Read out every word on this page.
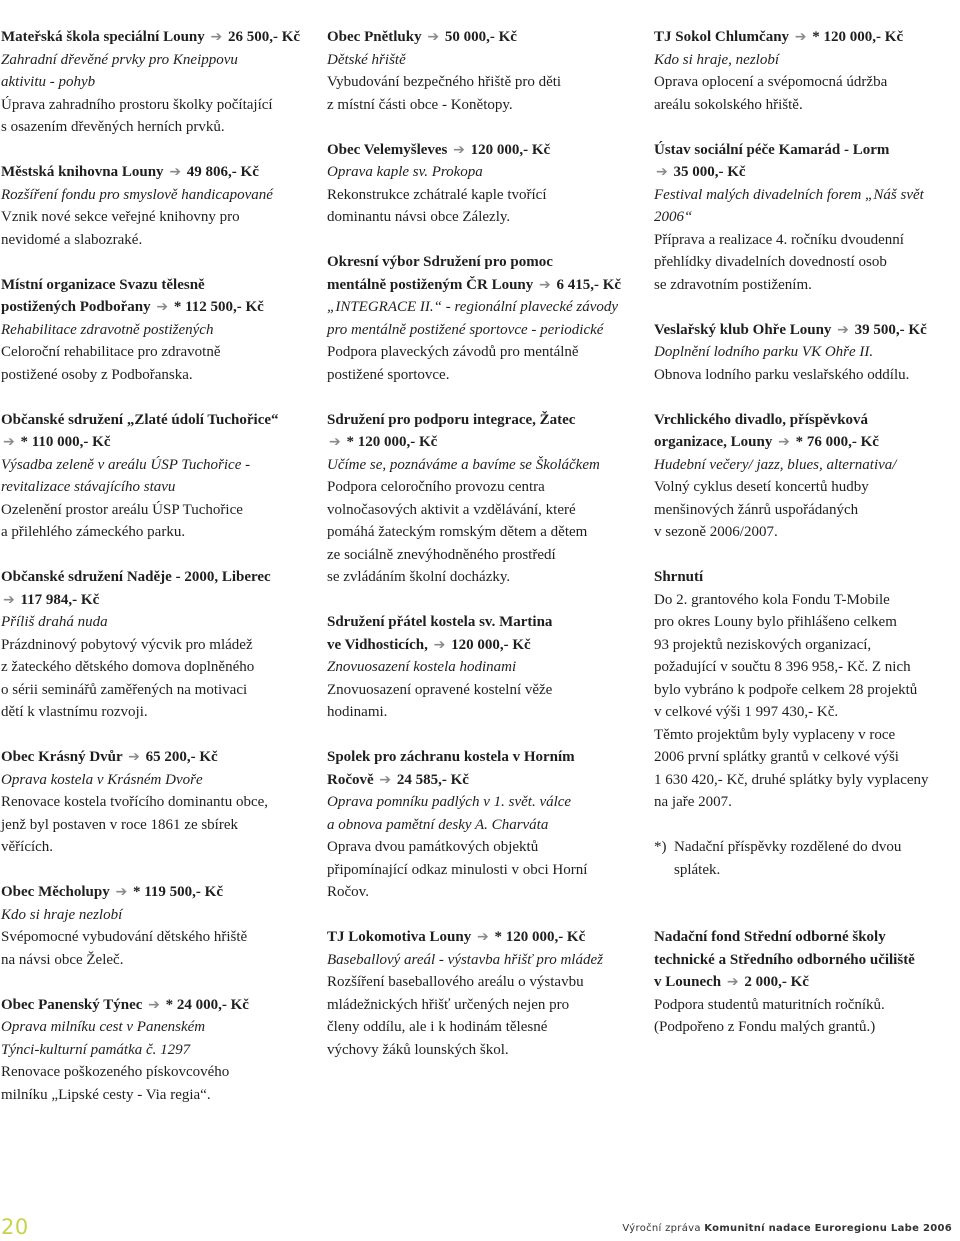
Mateřská škola speciální Louny ➔ 26 500,- Kč

Zahradní dřevěné prvky pro Kneippovu

aktivitu - pohyb

Úprava zahradního prostoru školky počítající

s osazením dřevěných herních prvků.

Městská knihovna Louny ➔ 49 806,- Kč

Rozšíření fondu pro smyslově handicapované

Vznik nové sekce veřejné knihovny pro

nevidomé a slabozraké.

Místní organizace Svazu tělesně
postižených Podbořany ➔ * 112 500,- Kč

Rehabilitace zdravotně postižených

Celoroční rehabilitace pro zdravotně

postižené osoby z Podbořanska.

Občanské sdružení „Zlaté údolí Tuchořice“
➔ * 110 000,- Kč

Výsadba zeleně v areálu ÚSP Tuchořice -

revitalizace stávajícího stavu

Ozelenění prostor areálu ÚSP Tuchořice

a přilehlého zámeckého parku.

Občanské sdružení Naděje - 2000, Liberec
➔ 117 984,- Kč

Příliš drahá nuda

Prázdninový pobytový výcvik pro mládež

z žateckého dětského domova doplněného

o sérii seminářů zaměřených na motivaci

dětí k vlastnímu rozvoji.

Obec Krásný Dvůr ➔ 65 200,- Kč

Oprava kostela v Krásném Dvoře

Renovace kostela tvořícího dominantu obce,

jenž byl postaven v roce 1861 ze sbírek

věřících.

Obec Měcholupy ➔ * 119 500,- Kč

Kdo si hraje nezlobí

Svépomocné vybudování dětského hřiště

na návsi obce Želeč.

Obec Panenský Týnec ➔ * 24 000,- Kč

Oprava milníku cest v Panenském

Týnci-kulturní památka č. 1297

Renovace poškozeného pískovcového

milníku „Lipské cesty - Via regia“.

Obec Pnětluky ➔ 50 000,- Kč

Dětské hřiště

Vybudování bezpečného hřiště pro děti

z místní části obce - Konětopy.

Obec Velemyšleves ➔ 120 000,- Kč

Oprava kaple sv. Prokopa

Rekonstrukce zchátralé kaple tvořící

dominantu návsi obce Zálezly.

Okresní výbor Sdružení pro pomoc
mentálně postiženým ČR Louny ➔ 6 415,- Kč

„INTEGRACE II.“ - regionální plavecké závody

pro mentálně postižené sportovce - periodické

Podpora plaveckých závodů pro mentálně

postižené sportovce.

Sdružení pro podporu integrace, Žatec
➔ * 120 000,- Kč

Učíme se, poznáváme a bavíme se Školáčkem

Podpora celoročního provozu centra

volnočasových aktivit a vzdělávání, které

pomáhá žateckým romským dětem a dětem

ze sociálně znevýhodněného prostředí

se zvládáním školní docházky.

Sdružení přátel kostela sv. Martina
ve Vidhosticích, ➔ 120 000,- Kč

Znovuosazení kostela hodinami

Znovuosazení opravené kostelní věže

hodinami.

Spolek pro záchranu kostela v Horním
Ročově ➔ 24 585,- Kč

Oprava pomníku padlých v 1. svět. válce

a obnova pamětní desky A. Charváta

Oprava dvou památkových objektů

připomínající odkaz minulosti v obci Horní

Ročov.

TJ Lokomotiva Louny ➔ * 120 000,- Kč

Baseballový areál - výstavba hřišť pro mládež

Rozšíření baseballového areálu o výstavbu

mládežnických hřišť určených nejen pro

členy oddílu, ale i k hodinám tělesné

výchovy žáků lounských škol.

TJ Sokol Chlumčany ➔ * 120 000,- Kč

Kdo si hraje, nezlobí

Oprava oplocení a svépomocná údržba

areálu sokolského hřiště.

Ústav sociální péče Kamarád - Lorm
➔ 35 000,- Kč

Festival malých divadelních forem „Náš svět

2006“

Příprava a realizace 4. ročníku dvoudenní

přehlídky divadelních dovedností osob

se zdravotním postižením.

Veslařský klub Ohře Louny ➔ 39 500,- Kč

Doplnění lodního parku VK Ohře II.

Obnova lodního parku veslařského oddílu.

Vrchlického divadlo, příspěvková
organizace, Louny ➔ * 76 000,- Kč

Hudební večery/ jazz, blues, alternativa/

Volný cyklus desetí koncertů hudby

menšinových žánrů uspořádaných

v sezoně 2006/2007.

Shrnutí

Do 2. grantového kola Fondu T-Mobile

pro okres Louny bylo přihlášeno celkem

93 projektů neziskových organizací,

požadující v součtu 8 396 958,- Kč. Z nich

bylo vybráno k podpoře celkem 28 projektů

v celkové výši 1 997 430,- Kč.

Těmto projektům byly vyplaceny v roce

2006 první splátky grantů v celkové výši

1 630 420,- Kč, druhé splátky byly vyplaceny

na jaře 2007.

*) Nadační příspěvky rozdělené do dvou

splátek.

Nadační fond Střední odborné školy
technické a Středního odborného učiliště
v Lounech ➔ 2 000,- Kč

Podpora studentů maturitních ročníků.

(Podpořeno z Fondu malých grantů.)

20	Výroční zpráva Komunitní nadace Euroregionu Labe 2006
